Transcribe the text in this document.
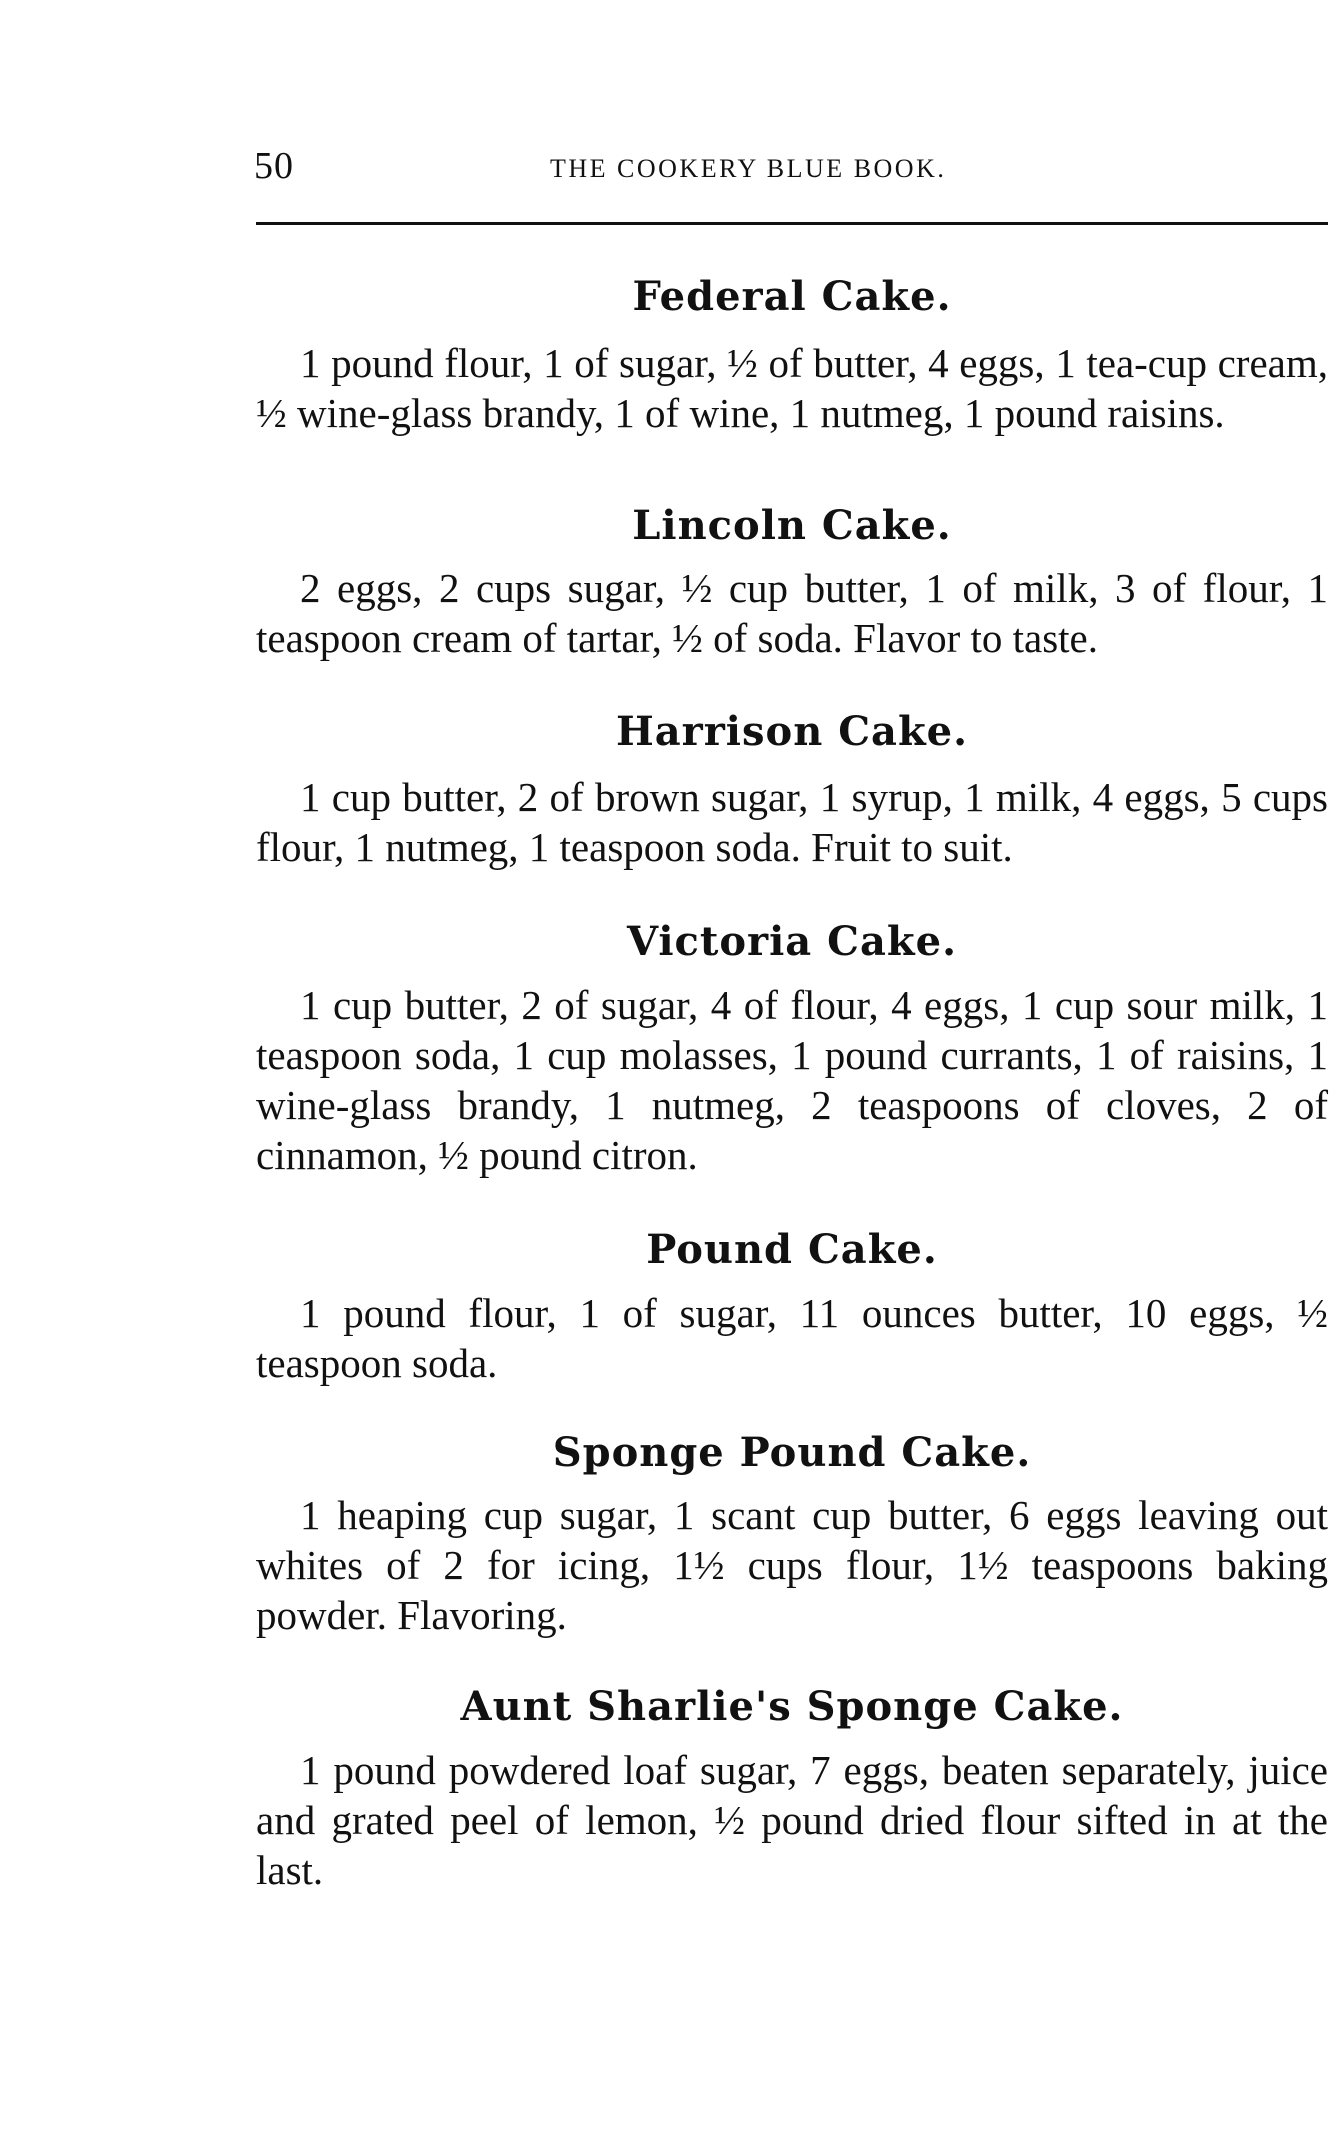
50	THE COOKERY BLUE BOOK.
Federal Cake.
1 pound flour, 1 of sugar, ½ of butter, 4 eggs, 1 tea-cup cream, ½ wine-glass brandy, 1 of wine, 1 nutmeg, 1 pound raisins.
Lincoln Cake.
2 eggs, 2 cups sugar, ½ cup butter, 1 of milk, 3 of flour, 1 teaspoon cream of tartar, ½ of soda. Flavor to taste.
Harrison Cake.
1 cup butter, 2 of brown sugar, 1 syrup, 1 milk, 4 eggs, 5 cups flour, 1 nutmeg, 1 teaspoon soda. Fruit to suit.
Victoria Cake.
1 cup butter, 2 of sugar, 4 of flour, 4 eggs, 1 cup sour milk, 1 teaspoon soda, 1 cup molasses, 1 pound currants, 1 of raisins, 1 wine-glass brandy, 1 nutmeg, 2 teaspoons of cloves, 2 of cinnamon, ½ pound citron.
Pound Cake.
1 pound flour, 1 of sugar, 11 ounces butter, 10 eggs, ½ teaspoon soda.
Sponge Pound Cake.
1 heaping cup sugar, 1 scant cup butter, 6 eggs leaving out whites of 2 for icing, 1½ cups flour, 1½ teaspoons baking powder. Flavoring.
Aunt Sharlie's Sponge Cake.
1 pound powdered loaf sugar, 7 eggs, beaten separately, juice and grated peel of lemon, ½ pound dried flour sifted in at the last.
